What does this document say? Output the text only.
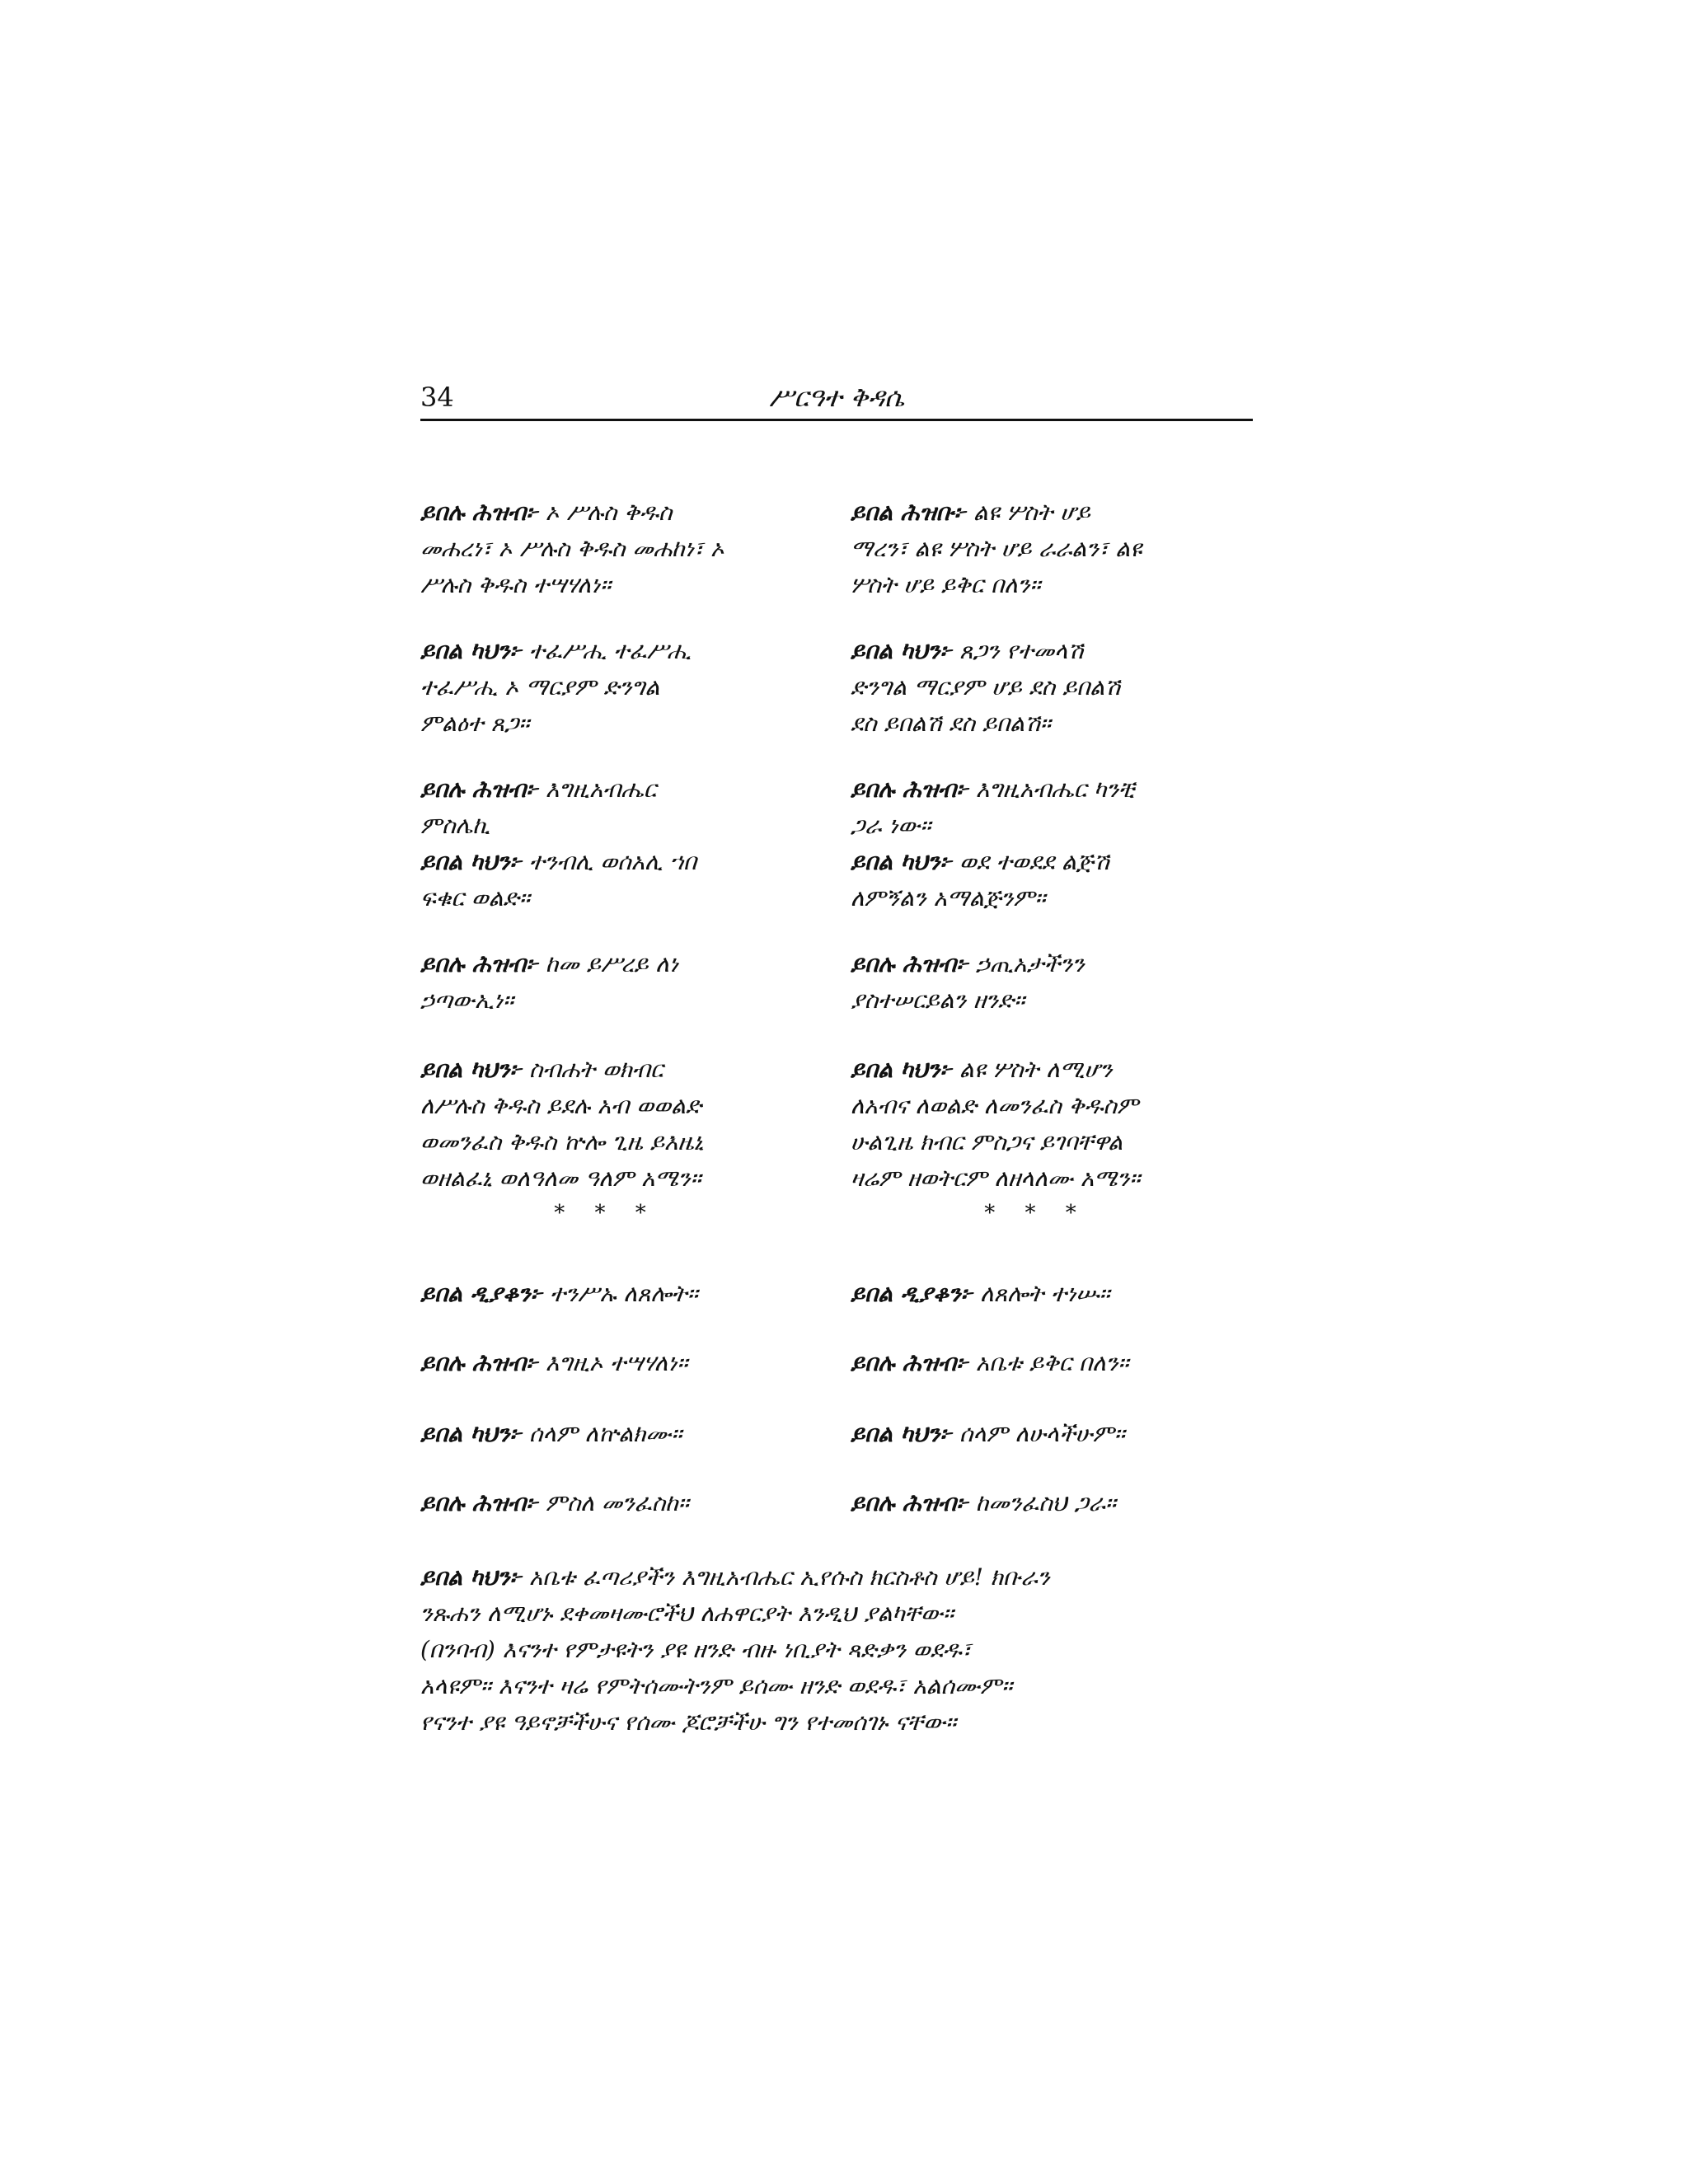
34	ሥርዓተ ቅዳሴ
ይበሉ ሕዝብ፦ ኦ ሥሉስ ቅዱስ
መሐረነ፣ ኦ ሥሉስ ቅዱስ መሐከነ፣ ኦ
ሥሉስ ቅዱስ ተሣሃለነ።
ይበል ካህን፦ ተፈሥሒ ተፈሥሒ
ተፈሥሒ ኦ ማርያም ድንግል
ምልዕተ ጸጋ።
ይበሉ ሕዝብ፦ እግዚአብሔር
ምስሌኪ
ይበል ካህን፦ ተንብሊ ወሰአሊ ኀበ
ፍቁር ወልድ።
ይበሉ ሕዝብ፦ ከመ ይሥረይ ለነ
ኃጣውኢነ።
ይበል ካህን፦ ስብሐት ወክብር
ለሥሉስ ቅዱስ ይደሉ አብ ወወልድ
ወመንፈስ ቅዱስ ኵሎ ጊዜ ይእዜኒ
ወዘልፈኒ ወለዓለመ ዓለም አሜን።
* * *
ይበል ዲያቆን፦ ተንሥኡ ለጸሎት።
ይበሉ ሕዝብ፦ እግዚኦ ተሣሃለነ።
ይበል ካህን፦ ሰላም ለኵልክሙ።
ይበሉ ሕዝብ፦ ምስለ መንፈስከ።
ይበል ሕዝቡ፦ ልዩ ሦስት ሆይ
ማረን፣ ልዩ ሦስት ሆይ ራራልን፣ ልዩ
ሦስት ሆይ ይቅር በለን።
ይበል ካህን፦ ጸጋን የተመላሽ
ድንግል ማርያም ሆይ ደስ ይበልሽ
ደስ ይበልሽ ደስ ይበልሽ።
ይበሉ ሕዝብ፦ እግዚአብሔር ካንቺ
ጋራ ነው።
ይበል ካህን፦ ወደ ተወደደ ልጅሽ
ለምኝልን አማልጅንም።
ይበሉ ሕዝብ፦ ኃጢአታችንን
ያስተሠርይልን ዘንድ።
ይበል ካህን፦ ልዩ ሦስት ለሚሆን
ለአብና ለወልድ ለመንፈስ ቅዱስም
ሁልጊዜ ክብር ምስጋና ይገባቸዋል
ዛሬም ዘወትርም ለዘላለሙ አሜን።
* * *
ይበል ዲያቆን፦ ለጸሎት ተነሡ።
ይበሉ ሕዝብ፦ አቤቱ ይቅር በለን።
ይበል ካህን፦ ሰላም ለሁላችሁም።
ይበሉ ሕዝብ፦ ከመንፈስህ ጋራ።
ይበል ካህን፦ አቤቱ ፈጣሪያችን እግዚአብሔር ኢየሱስ ክርስቶስ ሆይ! ክቡራን
ንጹሐን ለሚሆኑ ደቀመዛሙሮችህ ለሐዋርያት እንዲህ ያልካቸው።
(በንባብ) እናንተ የምታዩትን ያዩ ዘንድ ብዙ ነቢያት ጻድቃን ወደዱ፣
አላዩም። እናንተ ዛሬ የምትሰሙትንም ይሰሙ ዘንድ ወደዱ፣ አልሰሙም።
የናንተ ያዩ ዓይኖቻችሁና የሰሙ ጆሮቻችሁ ግን የተመሰገኑ ናቸው።
